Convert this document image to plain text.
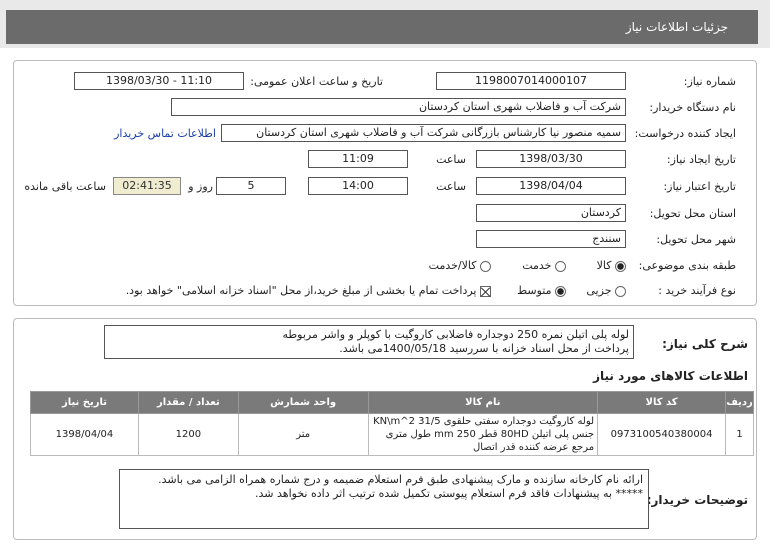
جزئیات اطلاعات نیاز
شماره نیاز:
1198007014000107
تاریخ و ساعت اعلان عمومی:
1398/03/30 - 11:10
نام دستگاه خریدار:
شرکت آب و فاضلاب شهری استان کردستان
ایجاد کننده درخواست:
سمیه منصور نیا کارشناس بازرگانی شرکت آب و فاضلاب شهری استان کردستان
اطلاعات تماس خریدار
تاریخ ایجاد نیاز:
1398/03/30
ساعت
11:09
تاریخ اعتبار نیاز:
1398/04/04
ساعت
14:00
5
روز و
02:41:35
ساعت باقی مانده
استان محل تحویل:
کردستان
شهر محل تحویل:
سنندج
طبقه بندی موضوعی:
کالا
خدمت
کالا/خدمت
نوع فرآیند خرید :
جزیی
متوسط
پرداخت تمام یا بخشی از مبلغ خرید،از محل "اسناد خزانه اسلامی" خواهد بود.
شرح کلی نیاز:
لوله پلی اتیلن نمره 250 دوجداره فاضلابی کاروگیت با کوپلر و واشر مربوطه
پرداخت از محل اسناد خزانه با سررسید 1400/05/18می باشد.
اطلاعات کالاهای مورد نیاز
ردیف	کد کالا	نام کالا	واحد شمارش	تعداد / مقدار	تاریخ نیاز
1	0973100540380004	لوله کاروگیت دوجداره سفتی حلقوی KN\m^2 31/5 جنس پلی اتیلن 80HD قطر mm 250 طول متری مرجع عرضه کننده قدر اتصال	متر	1200	1398/04/04
توضیحات خریدار:
ارائه نام کارخانه سازنده و مارک پیشنهادی طبق فرم استعلام ضمیمه و درج شماره همراه الزامی می باشد.
***** به پیشنهادات فاقد فرم استعلام پیوستی تکمیل شده ترتیب اثر داده نخواهد شد.
